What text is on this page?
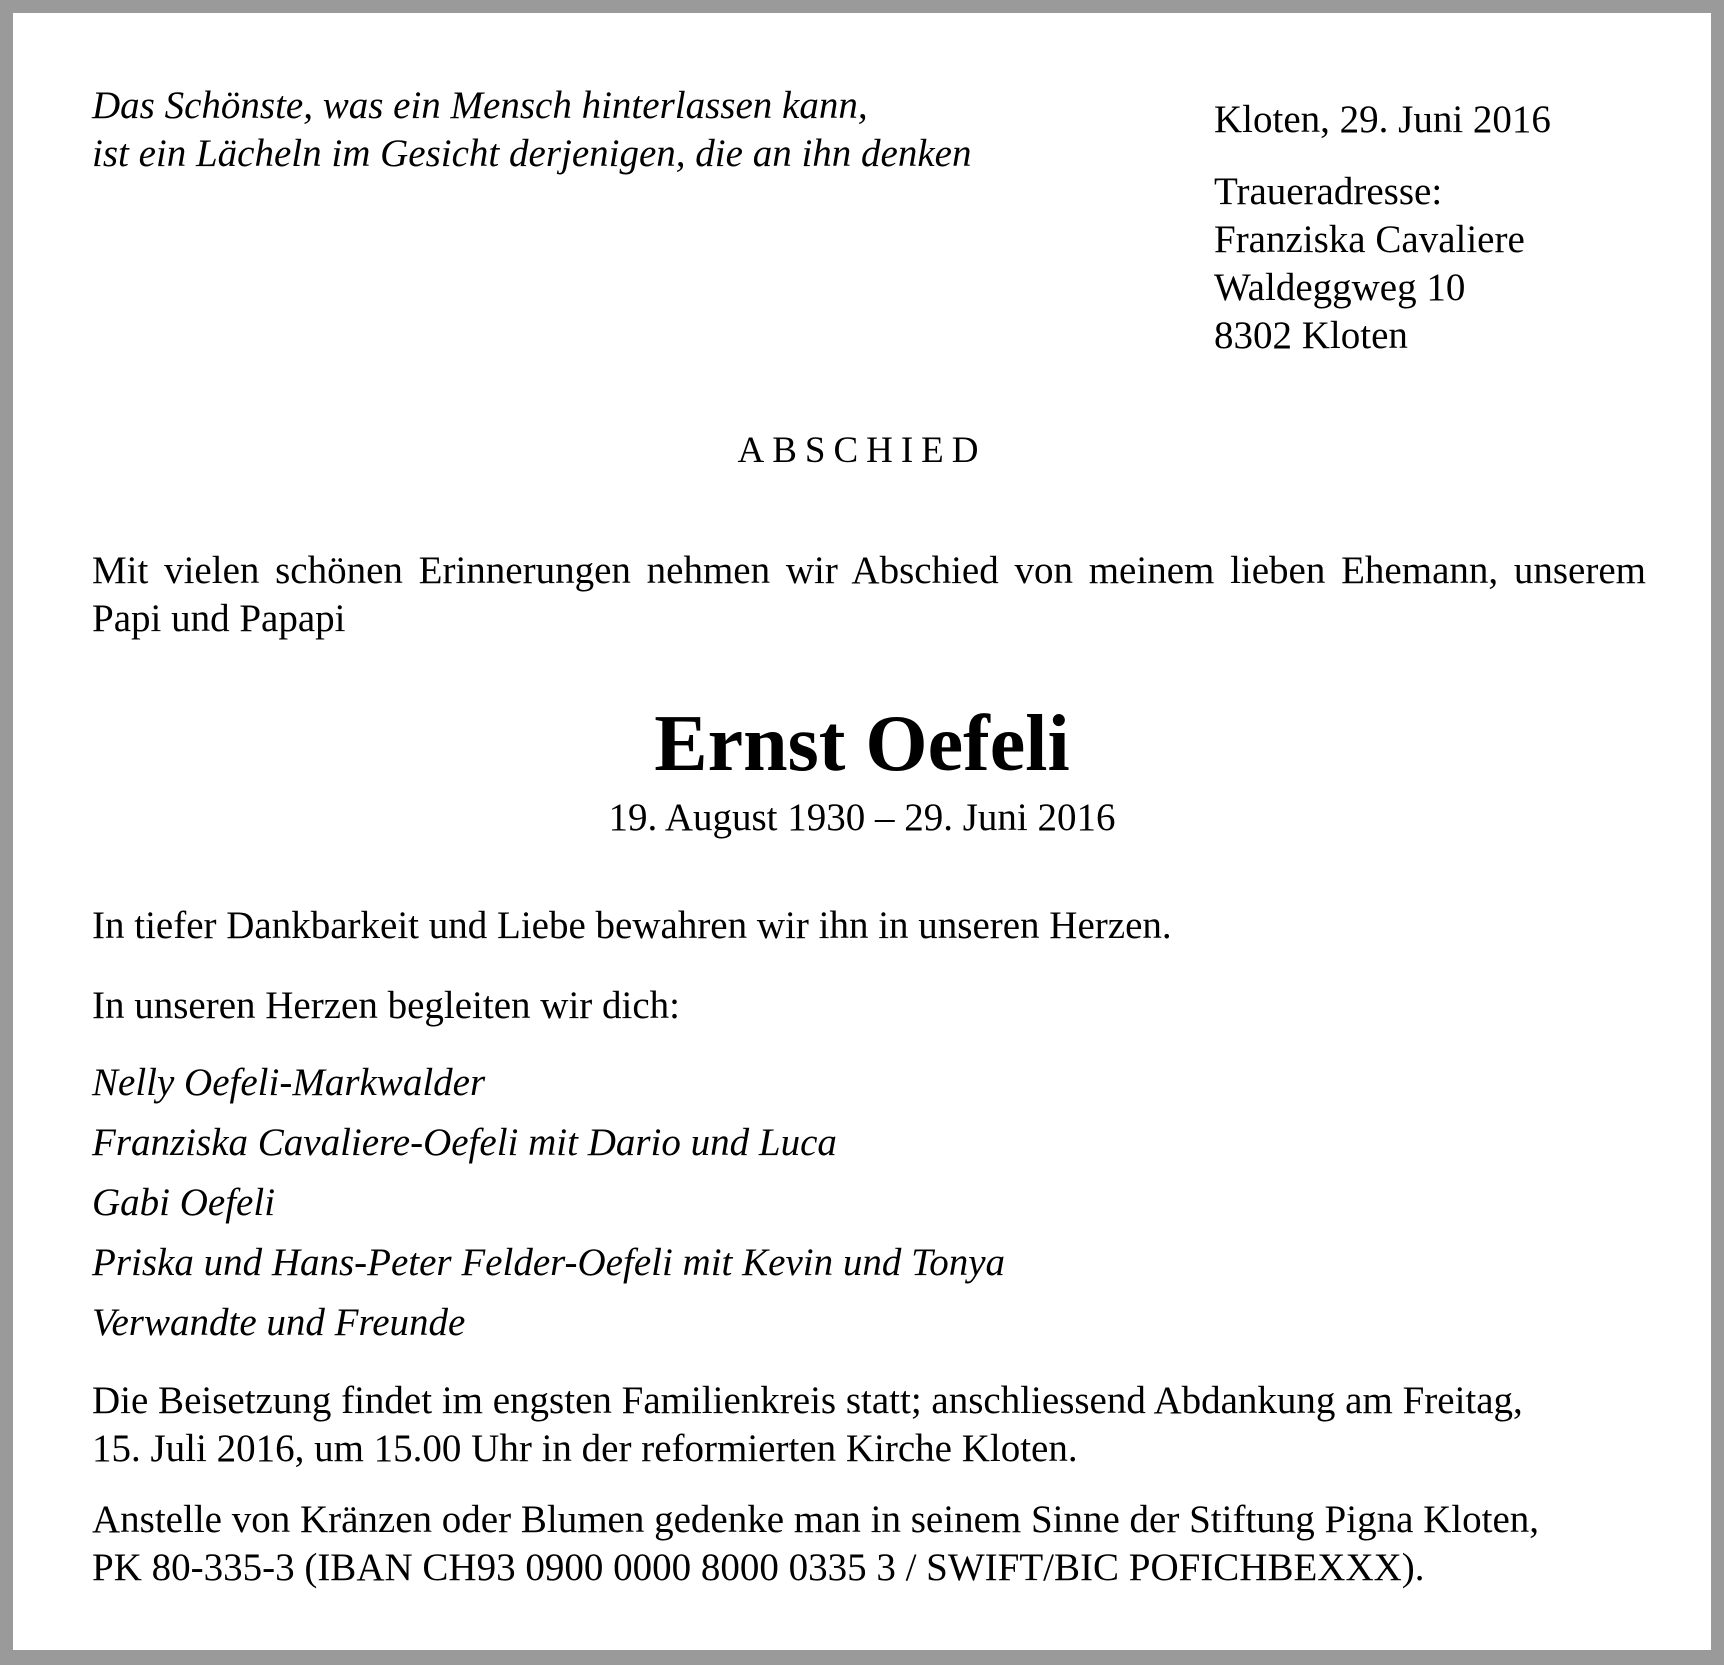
Das Schönste, was ein Mensch hinterlassen kann,
ist ein Lächeln im Gesicht derjenigen, die an ihn denken
Kloten, 29. Juni 2016
Traueradresse:
Franziska Cavaliere
Waldeggweg 10
8302 Kloten
ABSCHIED
Mit vielen schönen Erinnerungen nehmen wir Abschied von meinem lieben Ehemann, unserem Papi und Papapi
Ernst Oefeli
19. August 1930 – 29. Juni 2016
In tiefer Dankbarkeit und Liebe bewahren wir ihn in unseren Herzen.
In unseren Herzen begleiten wir dich:
Nelly Oefeli-Markwalder
Franziska Cavaliere-Oefeli mit Dario und Luca
Gabi Oefeli
Priska und Hans-Peter Felder-Oefeli mit Kevin und Tonya
Verwandte und Freunde
Die Beisetzung findet im engsten Familienkreis statt; anschliessend Abdankung am Freitag,
15. Juli 2016, um 15.00 Uhr in der reformierten Kirche Kloten.
Anstelle von Kränzen oder Blumen gedenke man in seinem Sinne der Stiftung Pigna Kloten,
PK 80-335-3 (IBAN CH93 0900 0000 8000 0335 3 / SWIFT/BIC POFICHBEXXX).
